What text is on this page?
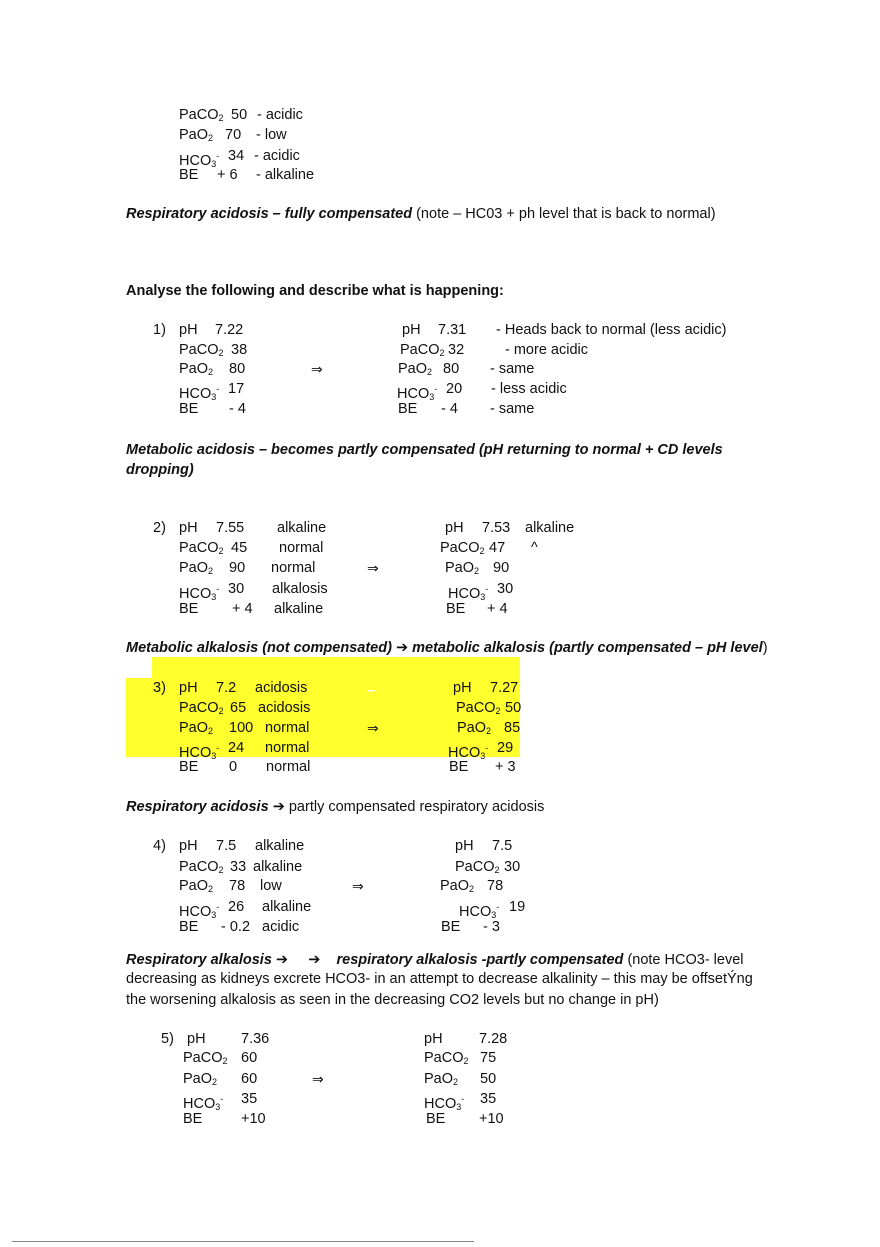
PaCO$_2$ 50 - acidic
PaO$_2$ 70 - low
$HCO_3^-$ 34 - acidic
BE + 6 - alkaline
Respiratory acidosis – fully compensated (note – HC03 + ph level that is back to normal)
Analyse the following and describe what is happening:
1) pH 7.22
PaCO$_2$ 38
PaO$_2$ 80
$HCO_3^-$ 17
BE - 4
⇒
pH 7.31 - Heads back to normal (less acidic)
PaCO$_2$ 32	- more acidic
PaO$_2$ 80 - same
$HCO_3^-$ 20 - less acidic
BE - 4 - same
Metabolic acidosis – becomes partly compensated (pH returning to normal + CD levels
dropping)
2) pH 7.55 alkaline
PaCO$_2$ 45 normal
PaO$_2$ 90 normal
$HCO_3^-$ 30 alkalosis
BE + 4 alkaline
⇒
pH 7.53 alkaline
PaCO$_2$ 47 ^
PaO$_2$ 90
$HCO_3^-$ 30
BE + 4
Metabolic alkalosis (not compensated) ➔ metabolic alkalosis (partly compensated – pH level)
3)	–
pH 7.2 acidosis
PaCO$_2$ 65 acidosis
PaO$_2$ 100 normal
$HCO_3^-$ 24 normal
BE 0 normal
⇒
pH 7.27
PaCO$_2$ 50
PaO$_2$ 85
$HCO_3^-$ 29
BE + 3
Respiratory acidosis ➔ partly compensated respiratory acidosis
4) pH 7.5 alkaline
PaCO$_2$ 33 alkaline
PaO$_2$ 78 low
$HCO_3^-$ 26 alkaline
BE - 0.2 acidic
⇒
pH 7.5
PaCO$_2$ 30
PaO$_2$ 78
$HCO_3^-$ 19
BE - 3
Respiratory alkalosis ➔ ➔ respiratory alkalosis -partly compensated (note HCO3- level
decreasing as kidneys excrete HCO3- in an attempt to decrease alkalinity – this may be offsetÝng
the worsening alkalosis as seen in the decreasing CO2 levels but no change in pH)
5) pH 7.36
PaCO$_2$ 60
PaO$_2$ 60
$HCO_3^-$ 35
BE	+10
⇒
pH	7.28
PaCO$_2$ 75
PaO$_2$ 50
$HCO_3^-$ 35
BE +10
